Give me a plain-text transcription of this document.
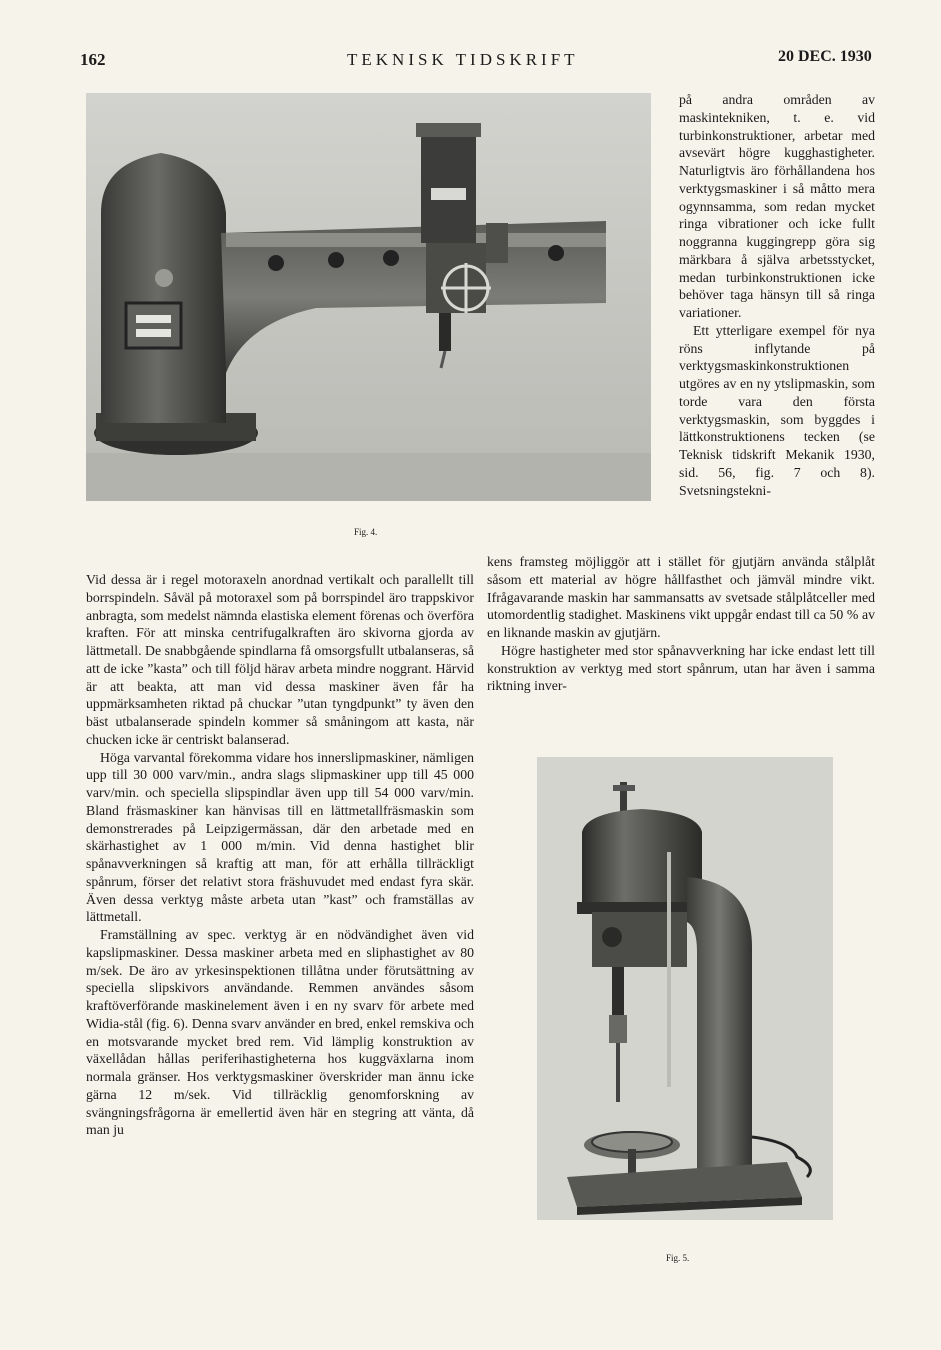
162	TEKNISK TIDSKRIFT	20 DEC. 1930
Fig. 4.

på andra områden av maskintekniken, t. e. vid turbinkonstruktioner, arbetar med avsevärt högre kugghastigheter. Naturligtvis äro förhållandena hos verktygsmaskiner i så måtto mera ogynnsamma, som redan mycket ringa vibrationer och icke fullt noggranna kuggingrepp göra sig märkbara å själva arbetsstycket, medan turbinkonstruktionen icke behöver taga hänsyn till så ringa variationer.

Ett ytterligare exempel för nya röns inflytande på verktygsmaskinkonstruktionen utgöres av en ny ytslipmaskin, som torde vara den första verktygsmaskin, som byggdes i lättkonstruktionens tecken (se Teknisk tidskrift Mekanik 1930, sid. 56, fig. 7 och 8). Svetsningstekni-

Vid dessa är i regel motoraxeln anordnad vertikalt och parallellt till borrspindeln. Såväl på motoraxel som på borrspindel äro trappskivor anbragta, som medelst nämnda elastiska element förenas och överföra kraften. För att minska centrifugalkraften äro skivorna gjorda av lättmetall. De snabbgående spindlarna få omsorgsfullt utbalanseras, så att de icke ”kasta” och till följd härav arbeta mindre noggrant. Härvid är att beakta, att man vid dessa maskiner även får ha uppmärksamheten riktad på chuckar ”utan tyngdpunkt” ty även den bäst utbalanserade spindeln kommer så småningom att kasta, när chucken icke är centriskt balanserad.

Höga varvantal förekomma vidare hos innerslipmaskiner, nämligen upp till 30 000 varv/min., andra slags slipmaskiner upp till 45 000 varv/min. och speciella slipspindlar även upp till 54 000 varv/min. Bland fräsmaskiner kan hänvisas till en lättmetallfräsmaskin som demonstrerades på Leipzigermässan, där den arbetade med en skärhastighet av 1 000 m/min. Vid denna hastighet blir spånavverkningen så kraftig att man, för att erhålla tillräckligt spånrum, förser det relativt stora fräshuvudet med endast fyra skär. Även dessa verktyg måste arbeta utan ”kast” och framställas av lättmetall.

Framställning av spec. verktyg är en nödvändighet även vid kapslipmaskiner. Dessa maskiner arbeta med en sliphastighet av 80 m/sek. De äro av yrkesinspektionen tillåtna under förutsättning av speciella slipskivors användande. Remmen användes såsom kraftöverförande maskinelement även i en ny svarv för arbete med Widia-stål (fig. 6). Denna svarv använder en bred, enkel remskiva och en motsvarande mycket bred rem. Vid lämplig konstruktion av växellådan hållas periferihastigheterna hos kuggväxlarna inom normala gränser. Hos verktygsmaskiner överskrider man ännu icke gärna 12 m/sek. Vid tillräcklig genomforskning av svängningsfrågorna är emellertid även här en stegring att vänta, då man ju

kens framsteg möjliggör att i stället för gjutjärn använda stålplåt såsom ett material av högre hållfasthet och jämväl mindre vikt. Ifrågavarande maskin har sammansatts av svetsade stålplåtceller med utomordentlig stadighet. Maskinens vikt uppgår endast till ca 50 % av en liknande maskin av gjutjärn.

Högre hastigheter med stor spånavverkning har icke endast lett till konstruktion av verktyg med stort spånrum, utan har även i samma riktning inver-

Fig. 5.
